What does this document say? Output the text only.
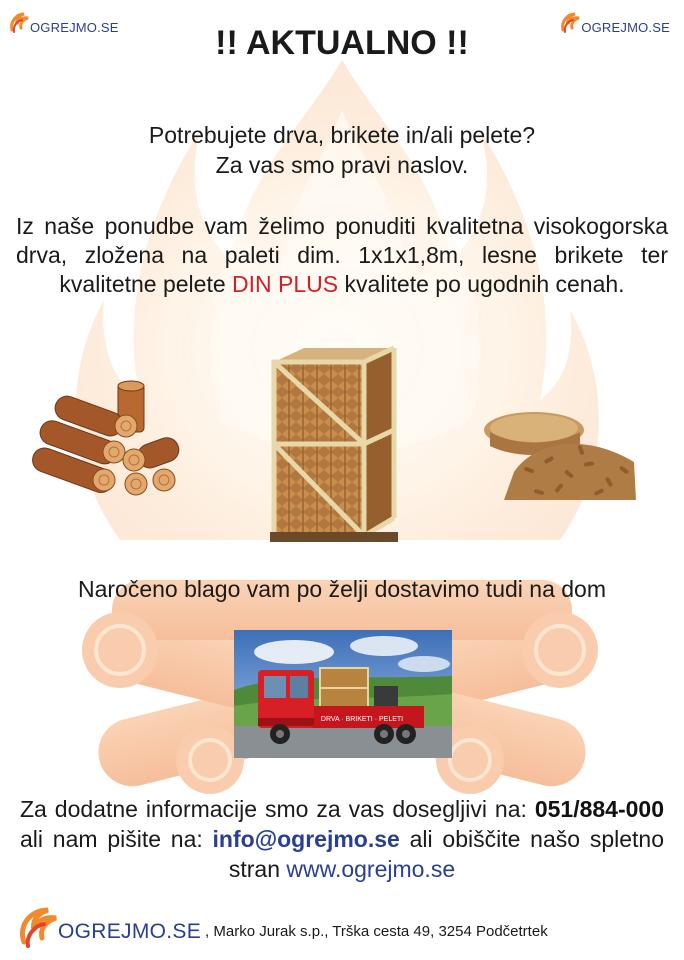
OGREJMO.SE	OGREJMO.SE
!! AKTUALNO !!
Potrebujete drva, brikete in/ali pelete?
Za vas smo pravi naslov.
Iz naše ponudbe vam želimo ponuditi kvalitetna visokogorska drva, zložena na paleti dim. 1x1x1,8m, lesne brikete ter kvalitetne pelete DIN PLUS kvalitete po ugodnih cenah.
Naročeno blago vam po želji dostavimo tudi na dom
DRVA · BRIKETI · PELETI
Za dodatne informacije smo za vas dosegljivi na: 051/884-000 ali nam pišite na: info@ogrejmo.se ali obiščite našo spletno stran www.ogrejmo.se
OGREJMO.SE , Marko Jurak s.p., Trška cesta 49, 3254 Podčetrtek
